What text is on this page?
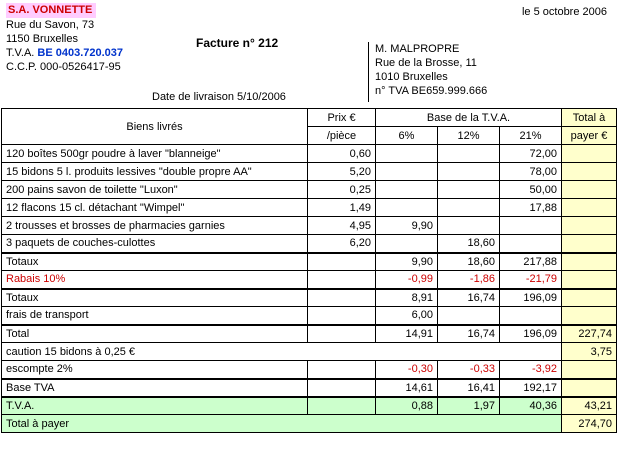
S.A. VONNETTE
Rue du Savon, 73
1150 Bruxelles
T.V.A. BE 0403.720.037
C.C.P. 000-0526417-95
le 5 octobre 2006
Facture n° 212	M. MALPROPRE
Rue de la Brosse, 11
1010 Bruxelles
n° TVA BE659.999.666
Date de livraison 5/10/2006
Biens livrés	Prix €	Base de la T.V.A.			Total à
	/pièce	6%	12%	21%	payer €
120 boîtes 500gr poudre à laver "blanneige"	0,60			72,00	
15 bidons 5 l. produits lessives "double propre AA"	5,20			78,00	
200 pains savon de toilette "Luxon"	0,25			50,00	
12 flacons 15 cl. détachant "Wimpel"	1,49			17,88	
2 trousses et brosses de pharmacies garnies	4,95	9,90			
3 paquets de couches-culottes	6,20		18,60		
Totaux		9,90	18,60	217,88	
Rabais 10%		-0,99	-1,86	-21,79	
Totaux		8,91	16,74	196,09	
frais de transport		6,00			
Total		14,91	16,74	196,09	227,74
caution 15 bidons à 0,25 €					3,75
escompte 2%		-0,30	-0,33	-3,92	
Base TVA		14,61	16,41	192,17	
T.V.A.		0,88	1,97	40,36	43,21
Total à payer					274,70
